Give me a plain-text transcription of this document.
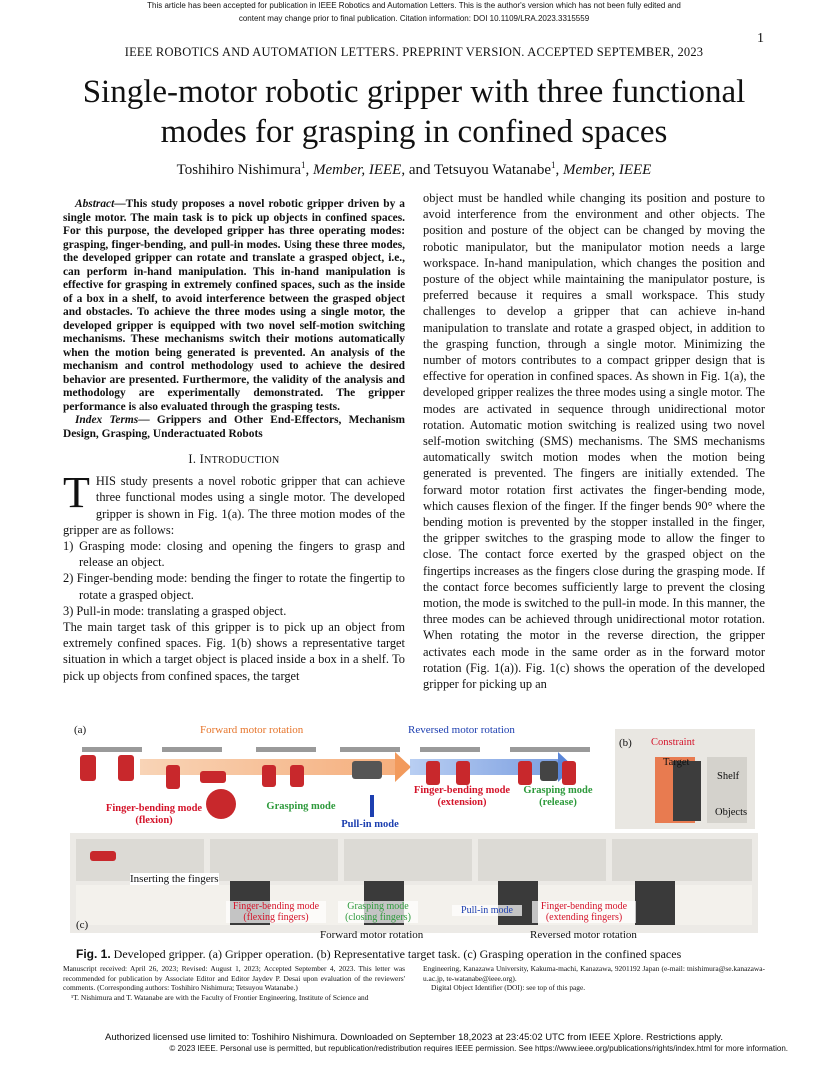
This article has been accepted for publication in IEEE Robotics and Automation Letters. This is the author's version which has not been fully edited and
content may change prior to final publication. Citation information: DOI 10.1109/LRA.2023.3315559
1
IEEE ROBOTICS AND AUTOMATION LETTERS. PREPRINT VERSION. ACCEPTED SEPTEMBER, 2023
Single-motor robotic gripper with three functional
modes for grasping in confined spaces
Toshihiro Nishimura$^1$, Member, IEEE, and Tetsuyou Watanabe$^1$, Member, IEEE

Abstract—This study proposes a novel robotic gripper driven by a single motor. The main task is to pick up objects in confined spaces. For this purpose, the developed gripper has three operating modes: grasping, finger-bending, and pull-in modes. Using these three modes, the developed gripper can rotate and translate a grasped object, i.e., can perform in-hand manipulation. This in-hand manipulation is effective for grasping in extremely confined spaces, such as the inside of a box in a shelf, to avoid interference between the grasped object and obstacles. To achieve the three modes using a single motor, the developed gripper is equipped with two novel self-motion switching mechanisms. These mechanisms switch their motions automatically when the motion being generated is prevented. An analysis of the mechanism and control methodology used to achieve the desired behavior are presented. Furthermore, the validity of the analysis and methodology are experimentally demonstrated. The gripper performance is also evaluated through the grasping tests.

Index Terms— Grippers and Other End-Effectors, Mechanism Design, Grasping, Underactuated Robots

I. INTRODUCTION

THIS study presents a novel robotic gripper that can achieve three functional modes using a single motor. The developed gripper is shown in Fig. 1(a). The three motion modes of the gripper are as follows:

1) Grasping mode: closing and opening the fingers to grasp and release an object.

2) Finger-bending mode: bending the finger to rotate the fingertip to rotate a grasped object.

3) Pull-in mode: translating a grasped object.

The main target task of this gripper is to pick up an object from extremely confined spaces. Fig. 1(b) shows a representative target situation in which a target object is placed inside a box in a shelf. To pick up objects from confined spaces, the target

object must be handled while changing its position and posture to avoid interference from the environment and other objects. The position and posture of the object can be changed by moving the robotic manipulator, but the manipulator motion needs a large workspace. In-hand manipulation, which changes the position and posture of the object while maintaining the manipulator posture, is preferred because it requires a small workspace. This study challenges to develop a gripper that can achieve in-hand manipulation to translate and rotate a grasped object, in addition to the grasping function, through a single motor. Minimizing the number of motors contributes to a compact gripper design that is effective for operation in confined spaces. As shown in Fig. 1(a), the developed gripper realizes the three modes using a single motor. The modes are activated in sequence through unidirectional motor rotation. Automatic motion switching is realized using two novel self-motion switching (SMS) mechanisms. The SMS mechanisms automatically switch motion modes when the motion being generated is prevented. The fingers are initially extended. The forward motor rotation first activates the finger-bending mode, which causes flexion of the finger. If the finger bends 90° where the bending motion is prevented by the stopper installed in the finger, the gripper switches to the grasping mode to allow the finger to close. The contact force exerted by the grasped object on the fingertips increases as the fingers close during the grasping mode. If the contact force becomes sufficiently large to prevent the closing motion, the mode is switched to the pull-in mode. In this manner, the three modes can be achieved through unidirectional motor rotation. When rotating the motor in the reverse direction, the gripper activates each mode in the same order as in the forward motor rotation (Fig. 1(a)). Fig. 1(c) shows the operation of the developed gripper for picking up an

(a)	Forward motor rotation	Reversed motor rotation
Finger-bending mode
(flexion)
Grasping mode
Pull-in mode
Finger-bending mode
(extension)
Grasping mode
(release)
(b) Constraint
Target
Shelf
Objects
Inserting the fingers
Finger-bending mode
(flexing fingers)
Grasping mode
(closing fingers)
Pull-in mode	Finger-bending mode
(extending fingers)
(c)
Forward motor rotation	Reversed motor rotation
Fig. 1. Developed gripper. (a) Gripper operation. (b) Representative target task. (c) Grasping operation in the confined spaces

Manuscript received: April 26, 2023; Revised: August 1, 2023; Accepted September 4, 2023. This letter was recommended for publication by Associate Editor and Editor Jaydev P. Desai upon evaluation of the reviewers' comments. (Corresponding authors: Toshihiro Nishimura; Tetsuyou Watanabe.)

¹T. Nishimura and T. Watanabe are with the Faculty of Frontier Engineering, Institute of Science and

Engineering, Kanazawa University, Kakuma-machi, Kanazawa, 9201192 Japan (e-mail: tnishimura@se.kanazawa-u.ac.jp, te-watanabe@ieee.org).

Digital Object Identifier (DOI): see top of this page.

Authorized licensed use limited to: Toshihiro Nishimura. Downloaded on September 18,2023 at 23:45:02 UTC from IEEE Xplore. Restrictions apply.
© 2023 IEEE. Personal use is permitted, but republication/redistribution requires IEEE permission. See https://www.ieee.org/publications/rights/index.html for more information.
